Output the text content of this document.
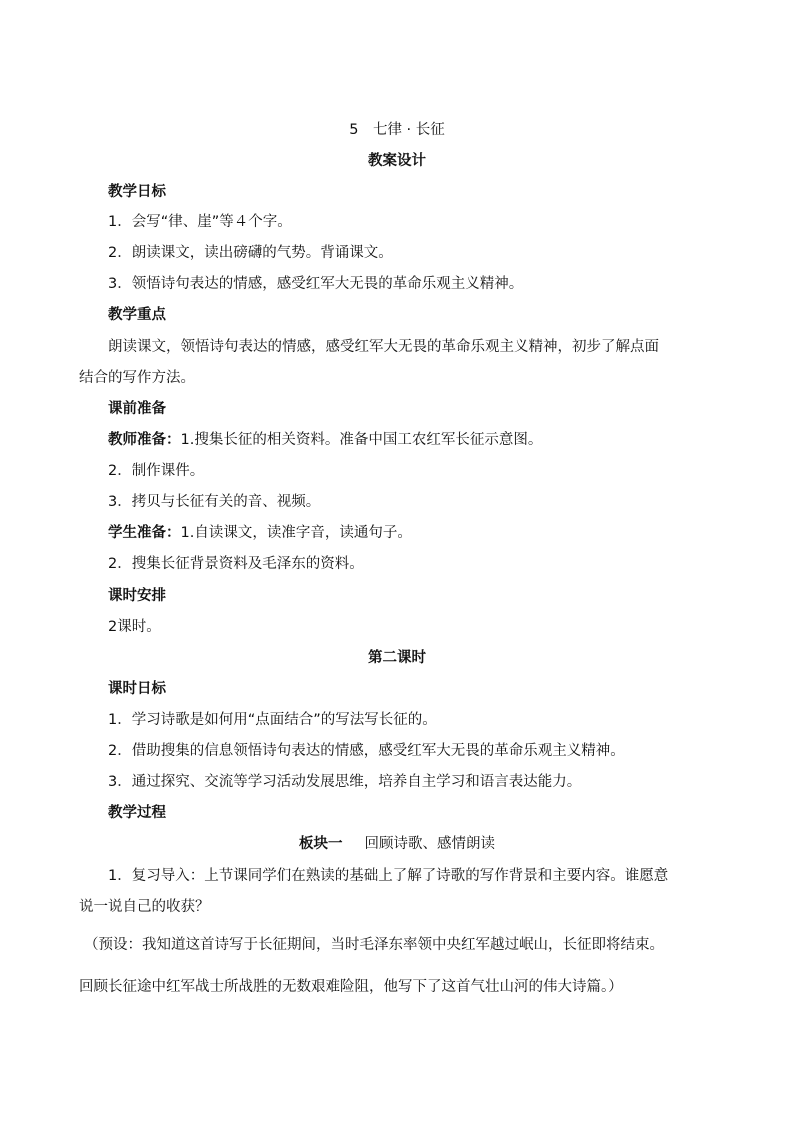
5　七律 · 长征
教案设计
教学日标
1．会写“律、崖”等４个字。
2．朗读课文，读出磅礴的气势。背诵课文。
3．领悟诗句表达的情感，感受红军大无畏的革命乐观主义精神。
教学重点
朗读课文，领悟诗句表达的情感，感受红军大无畏的革命乐观主义精神，初步了解点面
结合的写作方法。
课前准备
教师准备：1.搜集长征的相关资料。准备中国工农红军长征示意图。
2．制作课件。
3．拷贝与长征有关的音、视频。
学生准备：1.自读课文，读准字音，读通句子。
2．搜集长征背景资料及毛泽东的资料。
课时安排
2课时。
第二课时
课时日标
1．学习诗歌是如何用“点面结合”的写法写长征的。
2．借助搜集的信息领悟诗句表达的情感，感受红军大无畏的革命乐观主义精神。
3．通过探究、交流等学习活动发展思维，培养自主学习和语言表达能力。
教学过程
板块一 回顾诗歌、感情朗读
1．复习导入：上节课同学们在熟读的基础上了解了诗歌的写作背景和主要内容。谁愿意
说一说自己的收获？
（预设：我知道这首诗写于长征期间，当时毛泽东率领中央红军越过岷山，长征即将结束。
回顾长征途中红军战士所战胜的无数艰难险阻，他写下了这首气壮山河的伟大诗篇。）
